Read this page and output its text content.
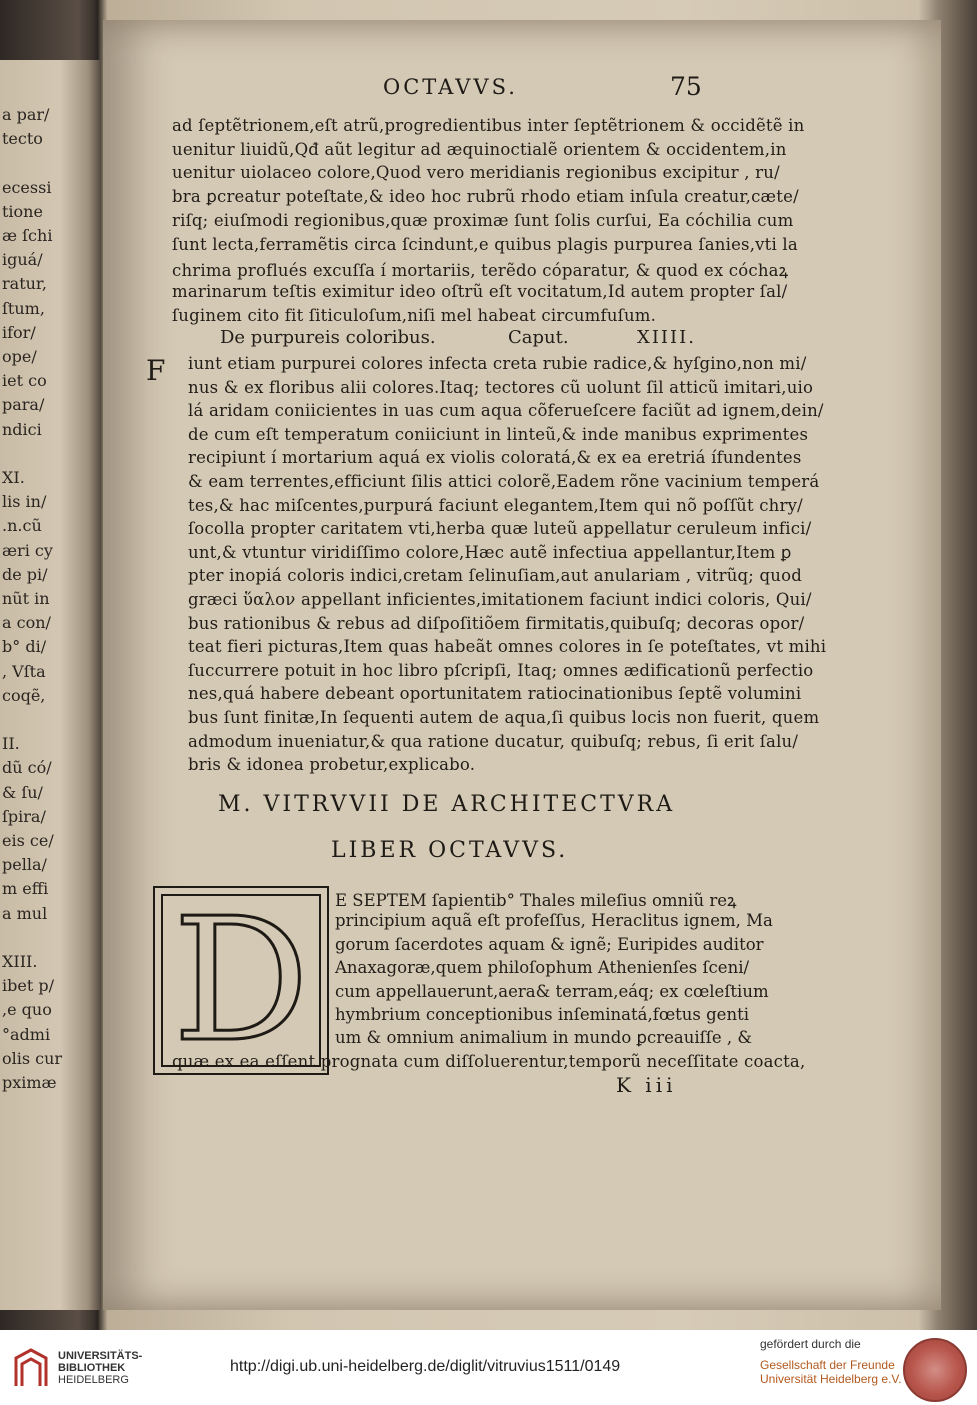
a par/
tecto
ecessi
tione
æ ſchi
iguá/
ratur,
ſtum,
ifor/
ope/
iet co
para/
ndici
XI.
lis in/
.n.cũ
æri cy
de pi/
nũt in
a con/
b° di/
, Vſta
coqẽ,
II.
dũ có/
& ſu/
ſpira/
eis ce/
pella/
m effi
a mul
XIII.
ibet p/
,e quo
°admi
olis cur
pximæ
OCTAVVS.	75
ad ſeptẽtrionem,eſt atrũ,progredientibus inter ſeptẽtrionem & occidẽtẽ in
uenitur liuidũ,Qđ aũt legitur ad æquinoctialẽ orientem & occidentem,in
uenitur uiolaceo colore,Quod vero meridianis regionibus excipitur , ru/
bra ꝑcreatur poteſtate,& ideo hoc rubrũ rhodo etiam inſula creatur,cæte/
riſq; eiuſmodi regionibus,quæ proximæ ſunt ſolis curſui, Ea cóchilia cum
ſunt lecta,ferramẽtis circa ſcindunt,e quibus plagis purpurea ſanies,vti la
chrima proflués excuſſa í mortariis, terẽdo cóparatur, & quod ex cóchaꝝ
marinarum teſtis eximitur ideo oſtrũ eſt vocitatum,Id autem propter ſal/
ſuginem cito fit ſiticuloſum,niſi mel habeat circumfuſum.
De purpureis coloribus.	Caput.	XIIII.
F iunt etiam purpurei colores infecta creta rubie radice,& hyſgino,non mi/
nus & ex floribus alii colores.Itaq; tectores cũ uolunt ſil atticũ imitari,uio
lá aridam coniicientes in uas cum aqua cõferueſcere faciũt ad ignem,dein/
de cum eſt temperatum coniiciunt in linteũ,& inde manibus exprimentes
recipiunt í mortarium aquá ex violis coloratá,& ex ea eretriá ífundentes
& eam terrentes,efficiunt ſilis attici colorẽ,Eadem rõne vacinium temperá
tes,& hac miſcentes,purpurá faciunt elegantem,Item qui nõ poſſũt chry/
ſocolla propter caritatem vti,herba quæ luteũ appellatur ceruleum infici/
unt,& vtuntur viridiſſimo colore,Hæc autẽ infectiua appellantur,Item ꝑ
pter inopiá coloris indici,cretam ſelinuſiam,aut anulariam , vitrũq; quod
græci ὕαλον appellant inficientes,imitationem faciunt indici coloris, Qui/
bus rationibus & rebus ad diſpoſitiõem firmitatis,quibuſq; decoras opor/
teat fieri picturas,Item quas habeãt omnes colores in ſe poteſtates, vt mihi
ſuccurrere potuit in hoc libro pſcripſi, Itaq; omnes ædificationũ perfectio
nes,quá habere debeant oportunitatem ratiocinationibus ſeptẽ volumini
bus ſunt finitæ,In ſequenti autem de aqua,ſi quibus locis non fuerit, quem
admodum inueniatur,& qua ratione ducatur, quibuſq; rebus, ſi erit ſalu/
bris & idonea probetur,explicabo.
M. VITRVVII DE ARCHITECTVRA
LIBER OCTAVVS.
D E SEPTEM ſapientib° Thales mileſius omniũ reꝝ
principium aquã eſt profeſſus, Heraclitus ignem, Ma
gorum ſacerdotes aquam & ignẽ; Euripides auditor
Anaxagoræ,quem philoſophum Athenienſes ſceni/
cum appellauerunt,aera& terram,eáq; ex cœleſtium
hymbrium conceptionibus inſeminatá,fœtus genti
um & omnium animalium in mundo ꝑcreauiſſe , &
quæ ex ea eſſent prognata cum diſſoluerentur,temporũ neceſſitate coacta,
K iii
UNIVERSITÄTS-
BIBLIOTHEK
HEIDELBERG
http://digi.ub.uni-heidelberg.de/diglit/vitruvius1511/0149
gefördert durch die
Gesellschaft der Freunde
Universität Heidelberg e.V.
